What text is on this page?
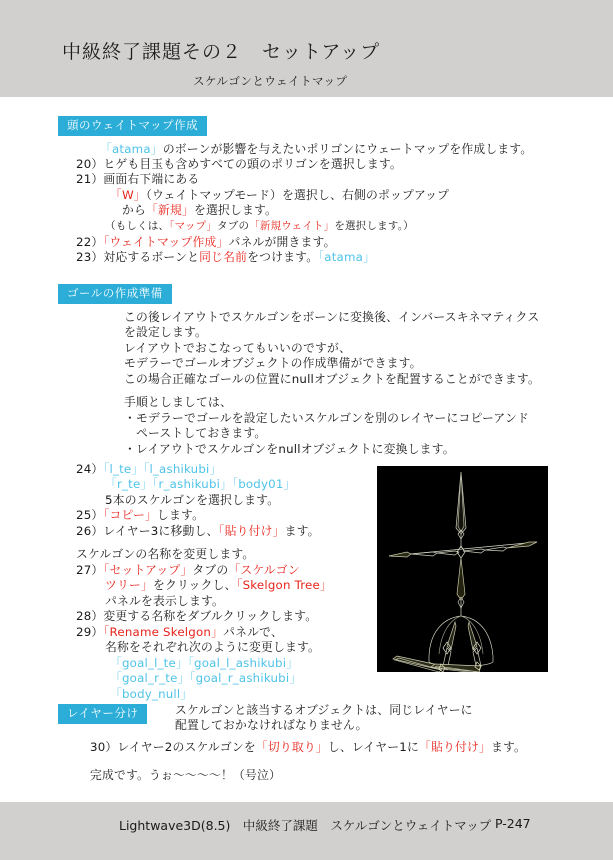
中級終了課題その２　セットアップ
スケルゴンとウェイトマップ
頭のウェイトマップ作成
「atama」のボーンが影響を与えたいポリゴンにウェートマップを作成します。
20）ヒゲも目玉も含めすべての頭のポリゴンを選択します。
21）画面右下端にある
「W」（ウェイトマップモード）を選択し、右側のポップアップ
から「新規」を選択します。
（もしくは、「マップ」タブの「新規ウェイト」を選択します。）
22）「ウェイトマップ作成」パネルが開きます。
23）対応するボーンと同じ名前をつけます。「atama」
ゴールの作成準備
この後レイアウトでスケルゴンをボーンに変換後、インバースキネマティクス
を設定します。
レイアウトでおこなってもいいのですが、
モデラーでゴールオブジェクトの作成準備ができます。
この場合正確なゴールの位置にnullオブジェクトを配置することができます。
手順としましては、
・モデラーでゴールを設定したいスケルゴンを別のレイヤーにコピーアンド
　ペーストしておきます。
・レイアウトでスケルゴンをnullオブジェクトに変換します。
24）「l_te」「l_ashikubi」
「r_te」「r_ashikubi」「body01」
5本のスケルゴンを選択します。
25）「コピー」します。
26）レイヤー3に移動し、「貼り付け」ます。
スケルゴンの名称を変更します。
27）「セットアップ」タブの「スケルゴン
ツリー」をクリックし、「Skelgon Tree」
パネルを表示します。
28）変更する名称をダブルクリックします。
29）「Rename Skelgon」パネルで、
名称をそれぞれ次のように変更します。
「goal_l_te」「goal_l_ashikubi」
「goal_r_te」「goal_r_ashikubi」
「body_null」
レイヤー分け	スケルゴンと該当するオブジェクトは、同じレイヤーに
配置しておかなければなりません。
30）レイヤー2のスケルゴンを「切り取り」し、レイヤー1に「貼り付け」ます。
完成です。うぉ～～～～！（号泣）
Lightwave3D(8.5)　中級終了課題　スケルゴンとウェイトマップ P-247
